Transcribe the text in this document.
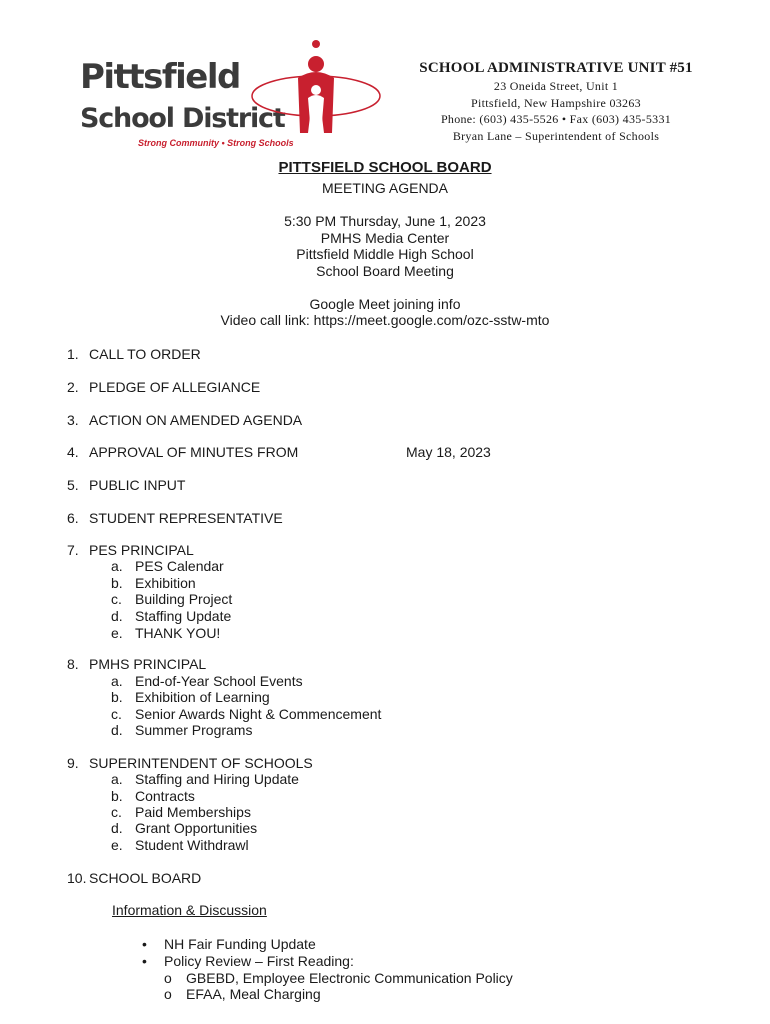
Pittsfield
School District
Strong Community • Strong Schools
SCHOOL ADMINISTRATIVE UNIT #51
23 Oneida Street, Unit 1
Pittsfield, New Hampshire 03263
Phone: (603) 435-5526 • Fax (603) 435-5331
Bryan Lane – Superintendent of Schools
PITTSFIELD SCHOOL BOARD
MEETING AGENDA
5:30 PM Thursday, June 1, 2023
PMHS Media Center
Pittsfield Middle High School
School Board Meeting
Google Meet joining info
Video call link: https://meet.google.com/ozc-sstw-mto
1. CALL TO ORDER
2. PLEDGE OF ALLEGIANCE
3. ACTION ON AMENDED AGENDA
4. APPROVAL OF MINUTES FROM	May 18, 2023
5. PUBLIC INPUT
6. STUDENT REPRESENTATIVE
7. PES PRINCIPAL
a. PES Calendar
b. Exhibition
c. Building Project
d. Staffing Update
e. THANK YOU!
8. PMHS PRINCIPAL
a. End-of-Year School Events
b. Exhibition of Learning
c. Senior Awards Night & Commencement
d. Summer Programs
9. SUPERINTENDENT OF SCHOOLS
a. Staffing and Hiring Update
b. Contracts
c. Paid Memberships
d. Grant Opportunities
e. Student Withdrawl
10. SCHOOL BOARD
Information & Discussion
• NH Fair Funding Update
• Policy Review – First Reading:
o GBEBD, Employee Electronic Communication Policy
o EFAA, Meal Charging
